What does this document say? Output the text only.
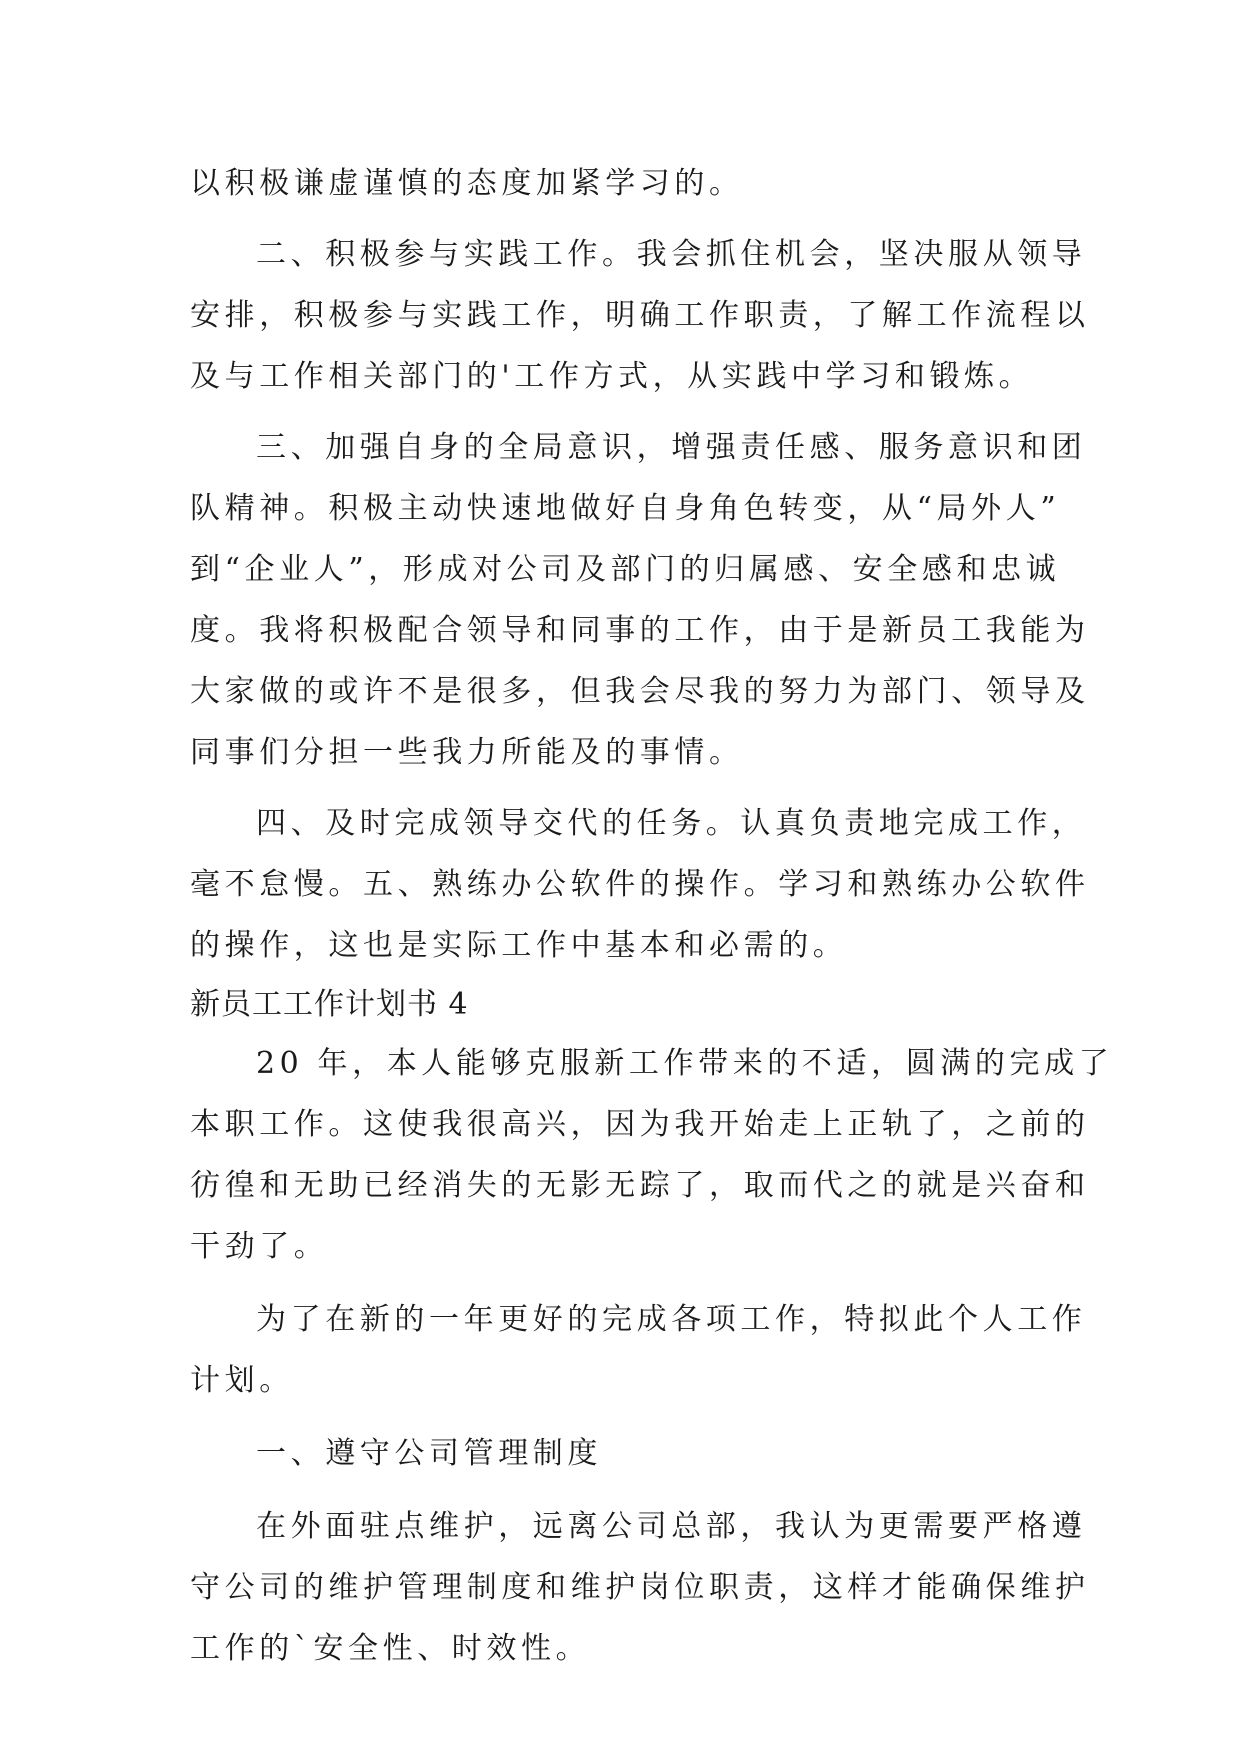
以积极谦虚谨慎的态度加紧学习的。
二、积极参与实践工作。我会抓住机会，坚决服从领导
安排，积极参与实践工作，明确工作职责，了解工作流程以
及与工作相关部门的'工作方式，从实践中学习和锻炼。
三、加强自身的全局意识，增强责任感、服务意识和团
队精神。积极主动快速地做好自身角色转变，从“局外人”
到“企业人”，形成对公司及部门的归属感、安全感和忠诚
度。我将积极配合领导和同事的工作，由于是新员工我能为
大家做的或许不是很多，但我会尽我的努力为部门、领导及
同事们分担一些我力所能及的事情。
四、及时完成领导交代的任务。认真负责地完成工作，
毫不怠慢。五、熟练办公软件的操作。学习和熟练办公软件
的操作，这也是实际工作中基本和必需的。
新员工工作计划书 4
20 年，本人能够克服新工作带来的不适，圆满的完成了
本职工作。这使我很高兴，因为我开始走上正轨了，之前的
彷徨和无助已经消失的无影无踪了，取而代之的就是兴奋和
干劲了。
为了在新的一年更好的完成各项工作，特拟此个人工作
计划。
一、遵守公司管理制度
在外面驻点维护，远离公司总部，我认为更需要严格遵
守公司的维护管理制度和维护岗位职责，这样才能确保维护
工作的`安全性、时效性。
